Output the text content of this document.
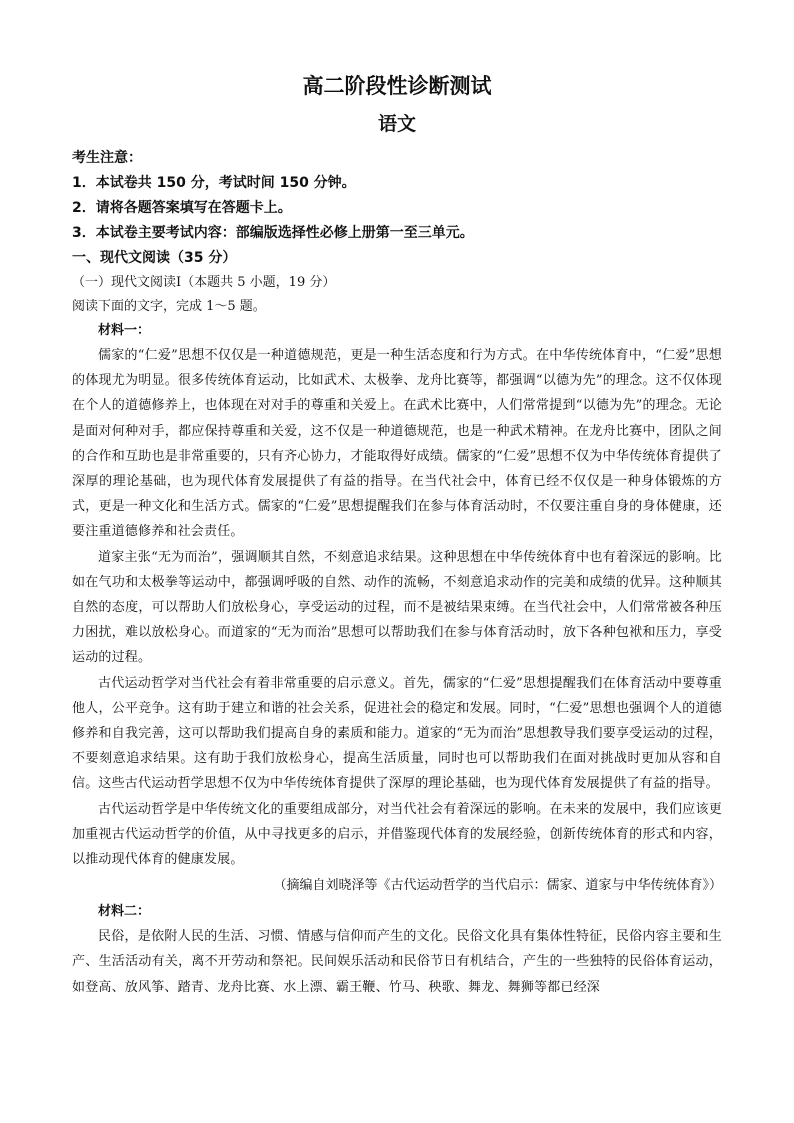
高二阶段性诊断测试
语文

考生注意：

1．本试卷共 150 分，考试时间 150 分钟。

2．请将各题答案填写在答题卡上。

3．本试卷主要考试内容：部编版选择性必修上册第一至三单元。

一、现代文阅读（35 分）

（一）现代文阅读Ⅰ（本题共 5 小题，19 分）

阅读下面的文字，完成 1～5 题。

材料一：

儒家的“仁爱”思想不仅仅是一种道德规范，更是一种生活态度和行为方式。在中华传统体育中，“仁爱”思想的体现尤为明显。很多传统体育运动，比如武术、太极拳、龙舟比赛等，都强调“以德为先”的理念。这不仅体现在个人的道德修养上，也体现在对对手的尊重和关爱上。在武术比赛中，人们常常提到“以德为先”的理念。无论是面对何种对手，都应保持尊重和关爱，这不仅是一种道德规范，也是一种武术精神。在龙舟比赛中，团队之间的合作和互助也是非常重要的，只有齐心协力，才能取得好成绩。儒家的“仁爱”思想不仅为中华传统体育提供了深厚的理论基础，也为现代体育发展提供了有益的指导。在当代社会中，体育已经不仅仅是一种身体锻炼的方式，更是一种文化和生活方式。儒家的“仁爱”思想提醒我们在参与体育活动时，不仅要注重自身的身体健康，还要注重道德修养和社会责任。

道家主张“无为而治”，强调顺其自然，不刻意追求结果。这种思想在中华传统体育中也有着深远的影响。比如在气功和太极拳等运动中，都强调呼吸的自然、动作的流畅，不刻意追求动作的完美和成绩的优异。这种顺其自然的态度，可以帮助人们放松身心，享受运动的过程，而不是被结果束缚。在当代社会中，人们常常被各种压力困扰，难以放松身心。而道家的“无为而治”思想可以帮助我们在参与体育活动时，放下各种包袱和压力，享受运动的过程。

古代运动哲学对当代社会有着非常重要的启示意义。首先，儒家的“仁爱”思想提醒我们在体育活动中要尊重他人，公平竞争。这有助于建立和谐的社会关系，促进社会的稳定和发展。同时，“仁爱”思想也强调个人的道德修养和自我完善，这可以帮助我们提高自身的素质和能力。道家的“无为而治”思想教导我们要享受运动的过程，不要刻意追求结果。这有助于我们放松身心，提高生活质量，同时也可以帮助我们在面对挑战时更加从容和自信。这些古代运动哲学思想不仅为中华传统体育提供了深厚的理论基础，也为现代体育发展提供了有益的指导。

古代运动哲学是中华传统文化的重要组成部分，对当代社会有着深远的影响。在未来的发展中，我们应该更加重视古代运动哲学的价值，从中寻找更多的启示，并借鉴现代体育的发展经验，创新传统体育的形式和内容，以推动现代体育的健康发展。

（摘编自刘晓泽等《古代运动哲学的当代启示：儒家、道家与中华传统体育》）

材料二：

民俗，是依附人民的生活、习惯、情感与信仰而产生的文化。民俗文化具有集体性特征，民俗内容主要和生产、生活活动有关，离不开劳动和祭祀。民间娱乐活动和民俗节日有机结合，产生的一些独特的民俗体育运动，如登高、放风筝、踏青、龙舟比赛、水上漂、霸王鞭、竹马、秧歌、舞龙、舞狮等都已经深
